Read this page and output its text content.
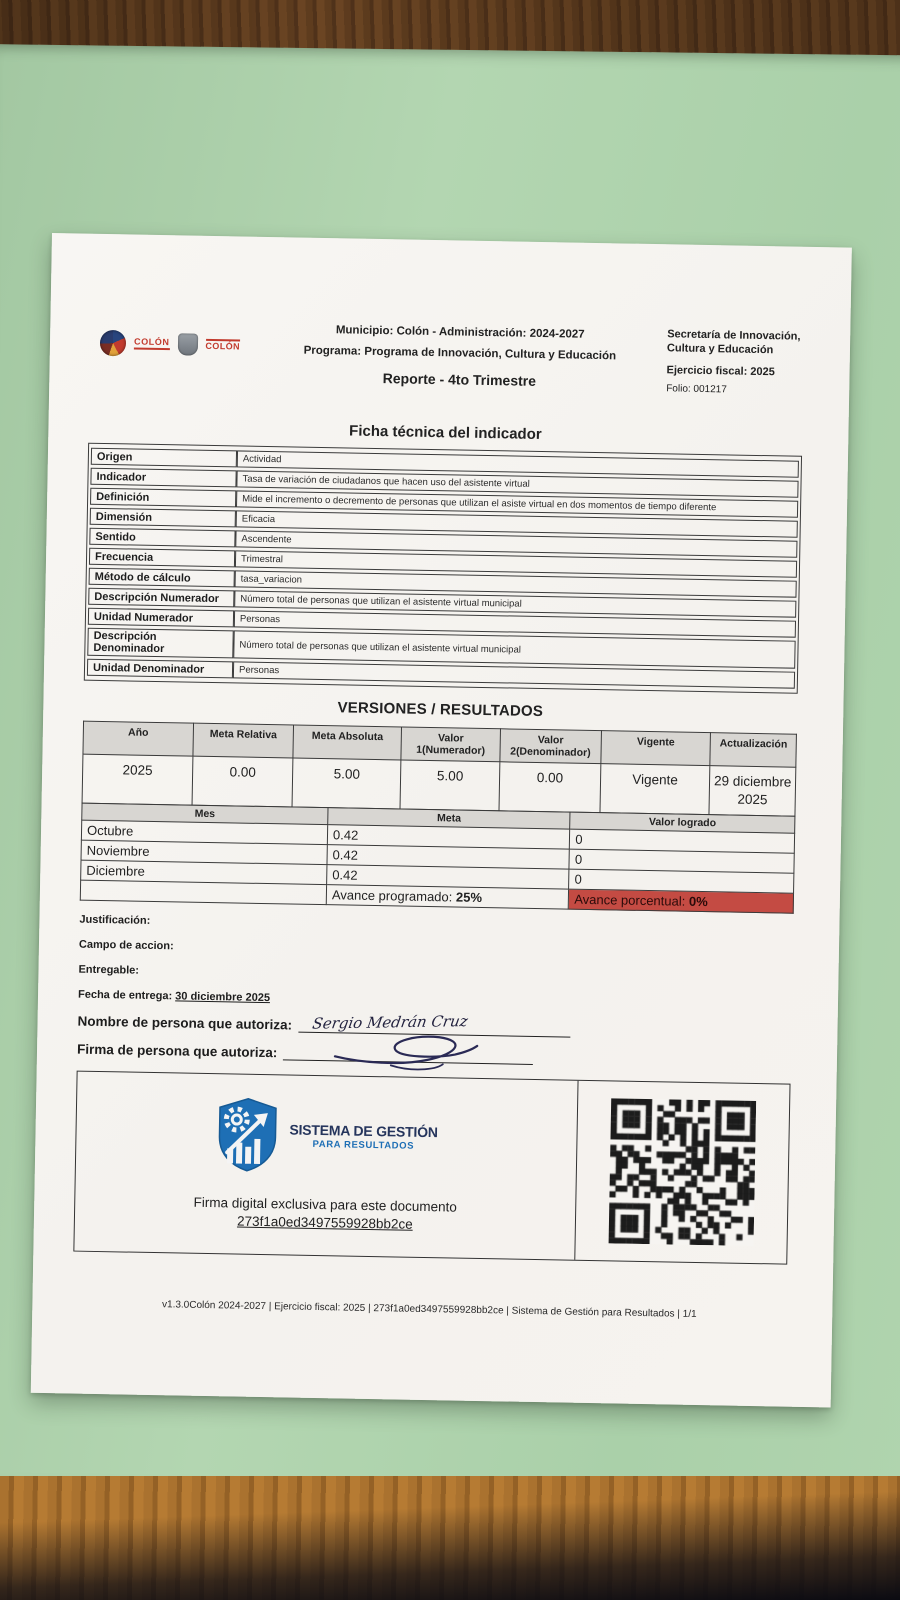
COLÓN	COLÓN
Municipio: Colón - Administración: 2024-2027
Programa: Programa de Innovación, Cultura y Educación
Reporte - 4to Trimestre
Secretaría de Innovación, Cultura y Educación
Ejercicio fiscal: 2025
Folio: 001217
Ficha técnica del indicador
Origen	Actividad
Indicador	Tasa de variación de ciudadanos que hacen uso del asistente virtual
Definición	Mide el incremento o decremento de personas que utilizan el asiste virtual en dos momentos de tiempo diferente
Dimensión	Eficacia
Sentido	Ascendente
Frecuencia	Trimestral
Método de cálculo	tasa_variacion
Descripción Numerador	Número total de personas que utilizan el asistente virtual municipal
Unidad Numerador	Personas
Descripción Denominador	Número total de personas que utilizan el asistente virtual municipal
Unidad Denominador	Personas
VERSIONES / RESULTADOS
Año	Meta Relativa	Meta Absoluta	Valor 1(Numerador)	Valor 2(Denominador)	Vigente	Actualización
2025	0.00	5.00	5.00	0.00	Vigente	29 diciembre 2025
Mes	Meta	Valor logrado
Octubre	0.42	0
Noviembre	0.42	0
Diciembre	0.42	0
	Avance programado: 25%	Avance porcentual: 0%
Justificación:
Campo de accion:
Entregable:
Fecha de entrega: 30 diciembre 2025
Nombre de persona que autoriza: Sergio Medrán Cruz
Firma de persona que autoriza:
SISTEMA DE GESTIÓN
PARA RESULTADOS
Firma digital exclusiva para este documento
273f1a0ed3497559928bb2ce
v1.3.0Colón 2024-2027 | Ejercicio fiscal: 2025 | 273f1a0ed3497559928bb2ce | Sistema de Gestión para Resultados | 1/1
